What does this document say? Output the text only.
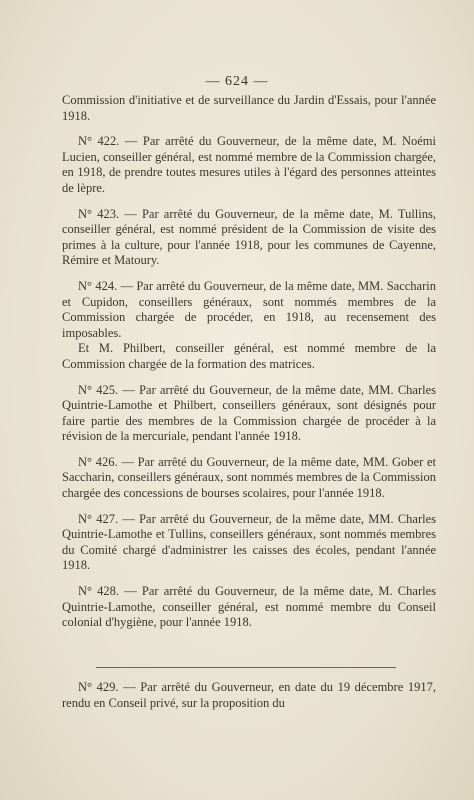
— 624 —

Commission d'initiative et de surveillance du Jardin d'Essais, pour l'année 1918.

N° 422. — Par arrêté du Gouverneur, de la même date, M. Noémi Lucien, conseiller général, est nommé membre de la Commission chargée, en 1918, de prendre toutes mesures utiles à l'égard des personnes atteintes de lèpre.

N° 423. — Par arrêté du Gouverneur, de la même date, M. Tullins, conseiller général, est nommé président de la Commission de visite des primes à la culture, pour l'année 1918, pour les communes de Cayenne, Rémire et Matoury.

N° 424. — Par arrêté du Gouverneur, de la même date, MM. Saccharin et Cupidon, conseillers généraux, sont nommés membres de la Commission chargée de procéder, en 1918, au recensement des imposables.

Et M. Philbert, conseiller général, est nommé membre de la Commission chargée de la formation des matrices.

N° 425. — Par arrêté du Gouverneur, de la même date, MM. Charles Quintrie-Lamothe et Philbert, conseillers généraux, sont désignés pour faire partie des membres de la Commission chargée de procéder à la révision de la mercuriale, pendant l'année 1918.

N° 426. — Par arrêté du Gouverneur, de la même date, MM. Gober et Saccharin, conseillers généraux, sont nommés membres de la Commission chargée des concessions de bourses scolaires, pour l'année 1918.

N° 427. — Par arrêté du Gouverneur, de la même date, MM. Charles Quintrie-Lamothe et Tullins, conseillers généraux, sont nommés membres du Comité chargé d'administrer les caisses des écoles, pendant l'année 1918.

N° 428. — Par arrêté du Gouverneur, de la même date, M. Charles Quintrie-Lamothe, conseiller général, est nommé membre du Conseil colonial d'hygiène, pour l'année 1918.

N° 429. — Par arrêté du Gouverneur, en date du 19 décembre 1917, rendu en Conseil privé, sur la proposition du
